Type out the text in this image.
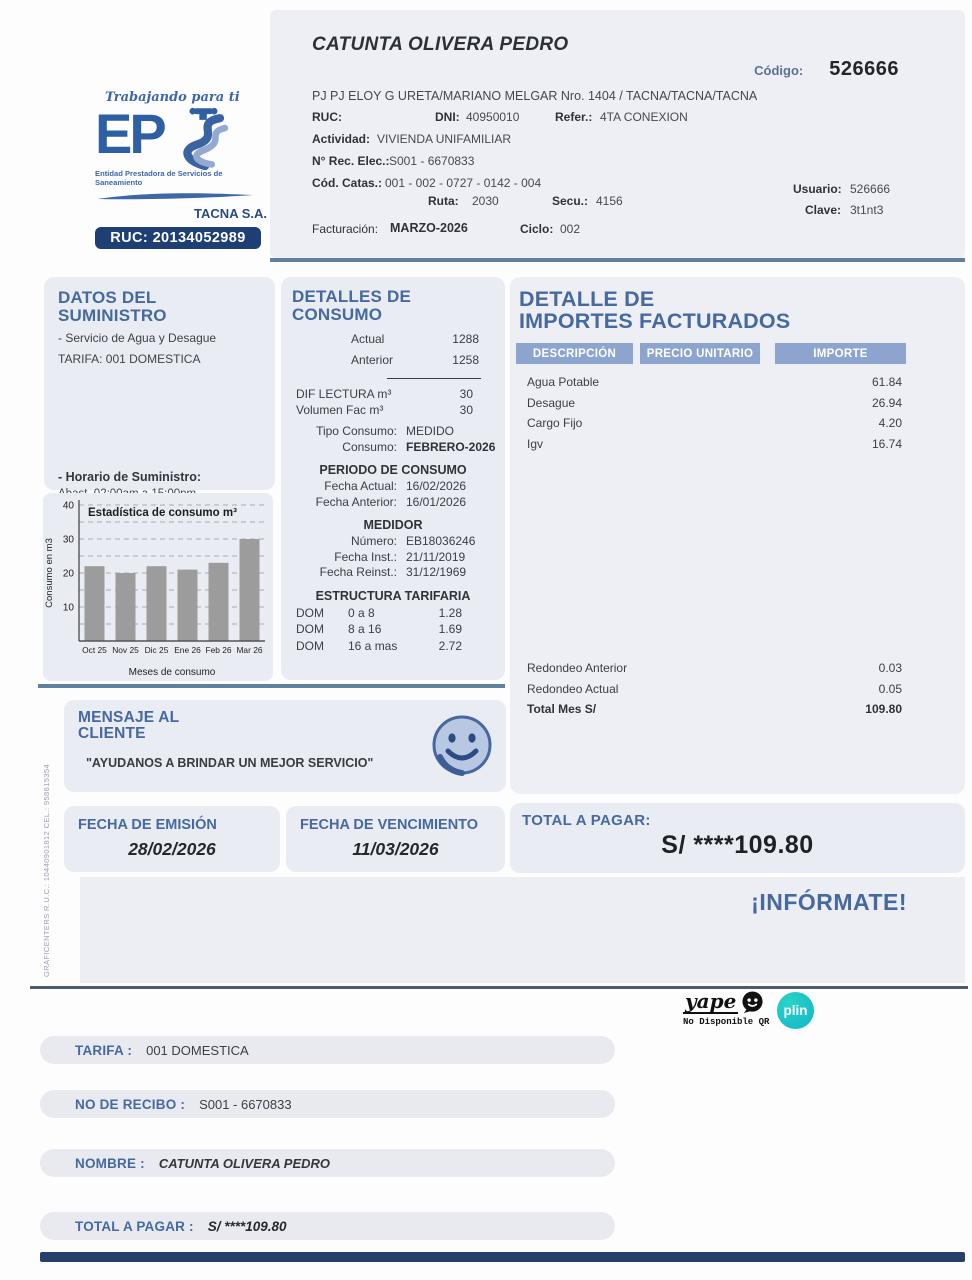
CATUNTA OLIVERA PEDRO
Código: 526666
PJ PJ ELOY G URETA/MARIANO MELGAR Nro. 1404 / TACNA/TACNA/TACNA
RUC:	DNI: 40950010	Refer.: 4TA CONEXION
Actividad: VIVIENDA UNIFAMILIAR
N° Rec. Elec.: S001 - 6670833
Cód. Catas.: 001 - 002 - 0727 - 0142 - 004
Ruta: 2030	Secu.: 4156
Usuario: 526666
Clave: 3t1nt3
Facturación: MARZO-2026	Ciclo: 002
Trabajando para ti
EP
Entidad Prestadora de Servicios de Saneamiento
TACNA S.A.
RUC: 20134052989
DATOS DEL
SUMINISTRO
- Servicio de Agua y Desague
TARIFA: 001 DOMESTICA
- Horario de Suministro:
10
20
30
40
Oct 25 Nov 25 Dic 25 Ene 26 Feb 26 Mar 26
Estadística de consumo m³
Meses de consumo
Consumo en m3
DETALLES DE
CONSUMO
Actual	1288
Anterior	1258
DIF LECTURA m³	30
Volumen Fac m³	30
Tipo Consumo: MEDIDO
Consumo: FEBRERO-2026
PERIODO DE CONSUMO
Fecha Actual: 16/02/2026
Fecha Anterior: 16/01/2026
MEDIDOR
Número: EB18036246
Fecha Inst.: 21/11/2019
Fecha Reinst.: 31/12/1969
ESTRUCTURA TARIFARIA
DOM	0 a 8	1.28
DOM	8 a 16	1.69
DOM	16 a mas	2.72
DETALLE DE
IMPORTES FACTURADOS
DESCRIPCIÓN	PRECIO UNITARIO	IMPORTE
Agua Potable	61.84
Desague	26.94
Cargo Fijo	4.20
Igv	16.74
Redondeo Anterior	0.03
Redondeo Actual	0.05
Total Mes S/	109.80
MENSAJE AL
CLIENTE
"AYUDANOS A BRINDAR UN MEJOR SERVICIO"
FECHA DE EMISIÓN
28/02/2026
FECHA DE VENCIMIENTO
11/03/2026
TOTAL A PAGAR:
S/ ****109.80
¡INFÓRMATE!
yape
No Disponible QR
plin
GRAFICENTERS R.U.C.: 10440901812 CEL.: 958615354
TARIFA : 001 DOMESTICA
NO DE RECIBO : S001 - 6670833
NOMBRE : CATUNTA OLIVERA PEDRO
TOTAL A PAGAR : S/ ****109.80
